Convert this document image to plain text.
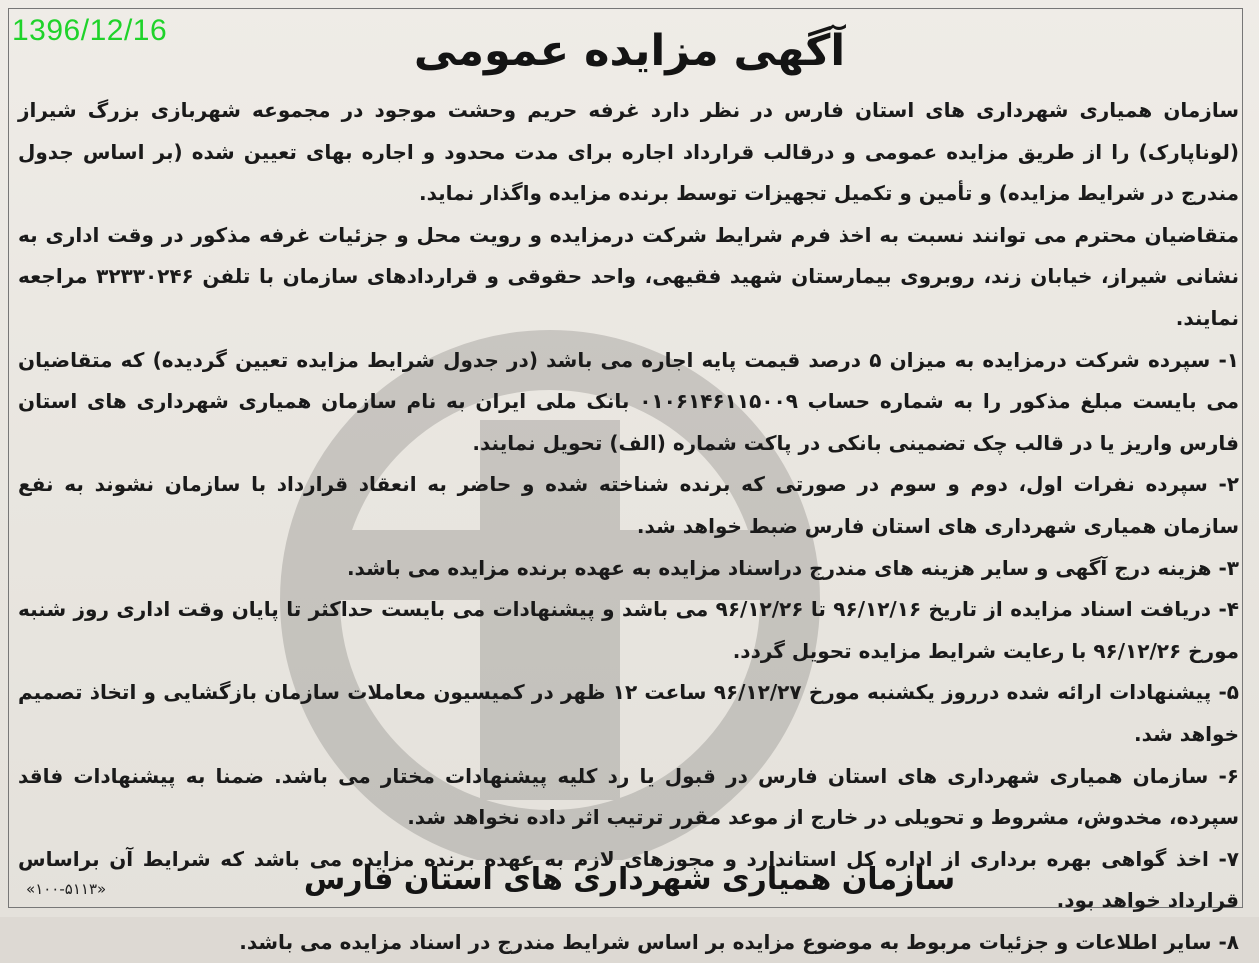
1396/12/16	آگهی مزایده عمومی

سازمان همیاری شهرداری های استان فارس در نظر دارد غرفه حریم وحشت موجود در مجموعه شهربازی بزرگ شیراز (لوناپارک) را از طریق مزایده عمومی و درقالب قرارداد اجاره برای مدت محدود و اجاره بهای تعیین شده (بر اساس جدول مندرج در شرایط مزایده) و تأمین و تکمیل تجهیزات توسط برنده مزایده واگذار نماید.

متقاضیان محترم می توانند نسبت به اخذ فرم شرایط شرکت درمزایده و رویت محل و جزئیات غرفه مذکور در وقت اداری به نشانی شیراز، خیابان زند، روبروی بیمارستان شهید فقیهی، واحد حقوقی و قراردادهای سازمان با تلفن ۳۲۳۳۰۲۴۶ مراجعه نمایند.

۱- سپرده شرکت درمزایده به میزان ۵ درصد قیمت پایه اجاره می باشد (در جدول شرایط مزایده تعیین گردیده) که متقاضیان می بایست مبلغ مذکور را به شماره حساب ۰۱۰۶۱۴۶۱۱۵۰۰۹ بانک ملی ایران به نام سازمان همیاری شهرداری های استان فارس واریز یا در قالب چک تضمینی بانکی در پاکت شماره (الف) تحویل نمایند.

۲- سپرده نفرات اول، دوم و سوم در صورتی که برنده شناخته شده و حاضر به انعقاد قرارداد با سازمان نشوند به نفع سازمان همیاری شهرداری های استان فارس ضبط خواهد شد.

۳- هزینه درج آگهی و سایر هزینه های مندرج دراسناد مزایده به عهده برنده مزایده می باشد.

۴- دریافت اسناد مزایده از تاریخ ۹۶/۱۲/۱۶ تا ۹۶/۱۲/۲۶ می باشد و پیشنهادات می بایست حداکثر تا پایان وقت اداری روز شنبه مورخ ۹۶/۱۲/۲۶ با رعایت شرایط مزایده تحویل گردد.

۵- پیشنهادات ارائه شده درروز یکشنبه مورخ ۹۶/۱۲/۲۷ ساعت ۱۲ ظهر در کمیسیون معاملات سازمان بازگشایی و اتخاذ تصمیم خواهد شد.

۶- سازمان همیاری شهرداری های استان فارس در قبول یا رد کلیه پیشنهادات مختار می باشد. ضمنا به پیشنهادات فاقد سپرده، مخدوش، مشروط و تحویلی در خارج از موعد مقرر ترتیب اثر داده نخواهد شد.

۷- اخذ گواهی بهره برداری از اداره کل استاندارد و مجوزهای لازم به عهده برنده مزایده می باشد که شرایط آن براساس قرارداد خواهد بود.

۸- سایر اطلاعات و جزئیات مربوط به موضوع مزایده بر اساس شرایط مندرج در اسناد مزایده می باشد.

سازمان همیاری شهرداری های استان فارس
«۱۰۰-۵۱۱۳»
